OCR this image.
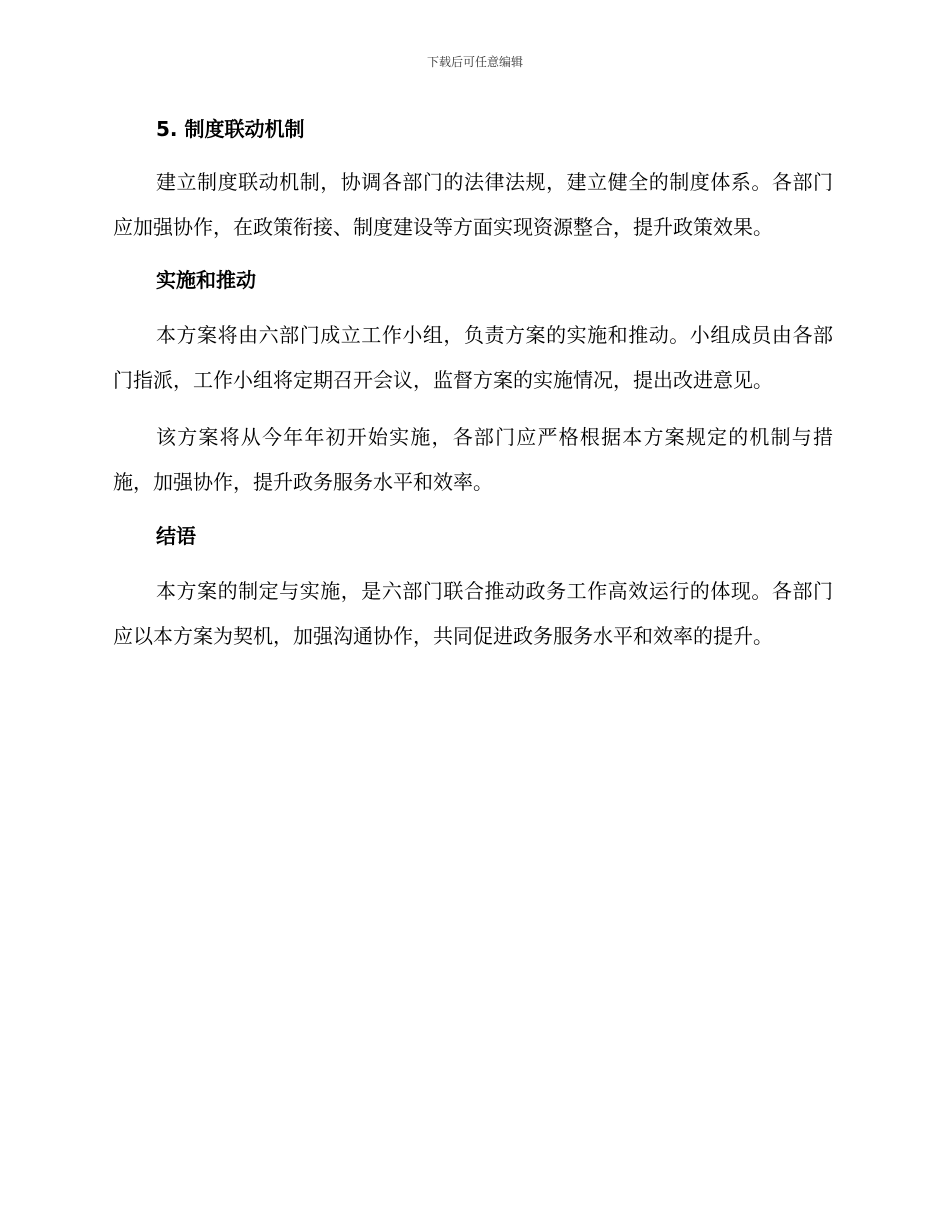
下载后可任意编辑
5. 制度联动机制

建立制度联动机制，协调各部门的法律法规，建立健全的制度体系。各部门应加强协作，在政策衔接、制度建设等方面实现资源整合，提升政策效果。

实施和推动

本方案将由六部门成立工作小组，负责方案的实施和推动。小组成员由各部门指派，工作小组将定期召开会议，监督方案的实施情况，提出改进意见。

该方案将从今年年初开始实施，各部门应严格根据本方案规定的机制与措施，加强协作，提升政务服务水平和效率。

结语

本方案的制定与实施，是六部门联合推动政务工作高效运行的体现。各部门应以本方案为契机，加强沟通协作，共同促进政务服务水平和效率的提升。
